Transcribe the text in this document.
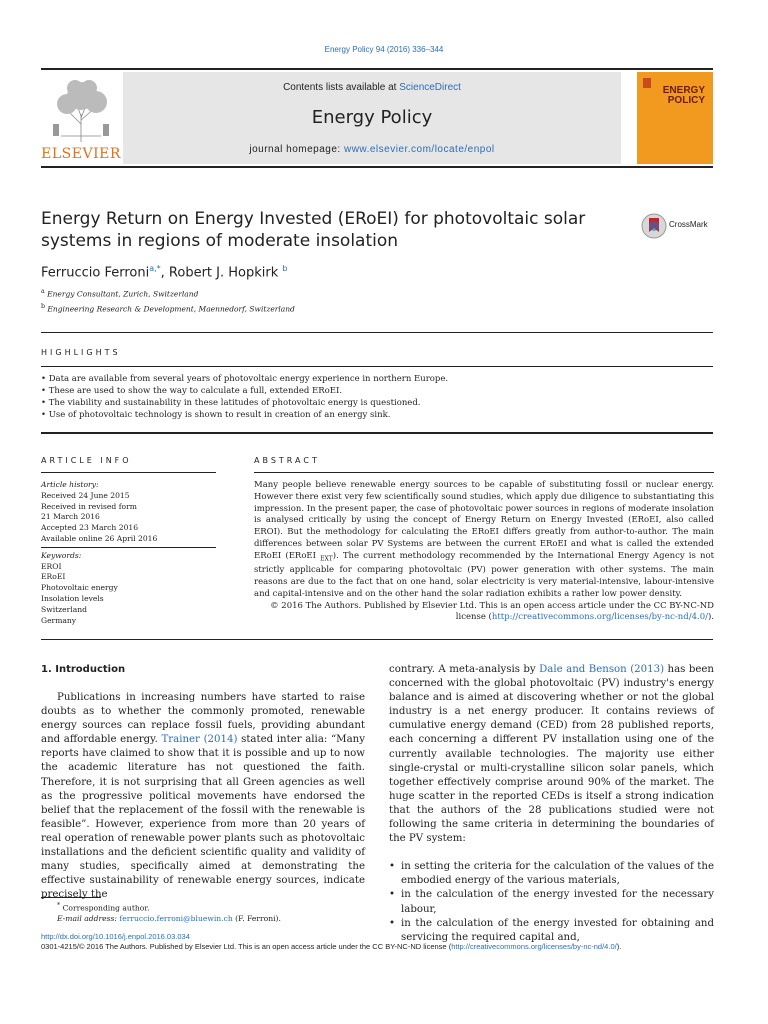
Energy Policy 94 (2016) 336–344
ELSEVIER
Contents lists available at ScienceDirect
Energy Policy
journal homepage: www.elsevier.com/locate/enpol
ENERGY
POLICY
Energy Return on Energy Invested (ERoEI) for photovoltaic solar
systems in regions of moderate insolation
CrossMark
Ferruccio Ferroni$^{a,*}$, Robert J. Hopkirk $^b$
$^a$ Energy Consultant, Zurich, Switzerland
$^b$ Engineering Research & Development, Maennedorf, Switzerland
HIGHLIGHTS
• Data are available from several years of photovoltaic energy experience in northern Europe.
• These are used to show the way to calculate a full, extended ERoEI.
• The viability and sustainability in these latitudes of photovoltaic energy is questioned.
• Use of photovoltaic technology is shown to result in creation of an energy sink.
ARTICLE INFO	ABSTRACT
Article history:
Received 24 June 2015
Received in revised form
21 March 2016
Accepted 23 March 2016
Available online 26 April 2016
Keywords:
EROI
ERoEI
Photovoltaic energy
Insolation levels
Switzerland
Germany
Many people believe renewable energy sources to be capable of substituting fossil or nuclear energy. However there exist very few scientifically sound studies, which apply due diligence to substantiating this impression. In the present paper, the case of photovoltaic power sources in regions of moderate insolation is analysed critically by using the concept of Energy Return on Energy Invested (ERoEI, also called EROI). But the methodology for calculating the ERoEI differs greatly from author-to-author. The main differences between solar PV Systems are between the current ERoEI and what is called the extended ERoEI (ERoEI $_{EXT}$). The current methodology recommended by the International Energy Agency is not strictly applicable for comparing photovoltaic (PV) power generation with other systems. The main reasons are due to the fact that on one hand, solar electricity is very material-intensive, labour-intensive and capital-intensive and on the other hand the solar radiation exhibits a rather low power density.
© 2016 The Authors. Published by Elsevier Ltd. This is an open access article under the CC BY-NC-ND license (http://creativecommons.org/licenses/by-nc-nd/4.0/).
1. Introduction

Publications in increasing numbers have started to raise doubts as to whether the commonly promoted, renewable energy sources can replace fossil fuels, providing abundant and affordable energy. Trainer (2014) stated inter alia: “Many reports have claimed to show that it is possible and up to now the academic literature has not questioned the faith. Therefore, it is not surprising that all Green agencies as well as the progressive political movements have endorsed the belief that the replacement of the fossil with the renewable is feasible”. However, experience from more than 20 years of real operation of renewable power plants such as photovoltaic installations and the deficient scientific quality and validity of many studies, specifically aimed at demonstrating the effective sustainability of renewable energy sources, indicate precisely the

contrary. A meta-analysis by Dale and Benson (2013) has been concerned with the global photovoltaic (PV) industry's energy balance and is aimed at discovering whether or not the global industry is a net energy producer. It contains reviews of cumulative energy demand (CED) from 28 published reports, each concerning a different PV installation using one of the currently available technologies. The majority use either single-crystal or multi-crystalline silicon solar panels, which together effectively comprise around 90% of the market. The huge scatter in the reported CEDs is itself a strong indication that the authors of the 28 publications studied were not following the same criteria in determining the boundaries of the PV system:

• in setting the criteria for the calculation of the values of the embodied energy of the various materials,
• in the calculation of the energy invested for the necessary labour,
• in the calculation of the energy invested for obtaining and servicing the required capital and,
* Corresponding author.
E-mail address: ferruccio.ferroni@bluewin.ch (F. Ferroni).
http://dx.doi.org/10.1016/j.enpol.2016.03.034
0301-4215/© 2016 The Authors. Published by Elsevier Ltd. This is an open access article under the CC BY-NC-ND license (http://creativecommons.org/licenses/by-nc-nd/4.0/).
